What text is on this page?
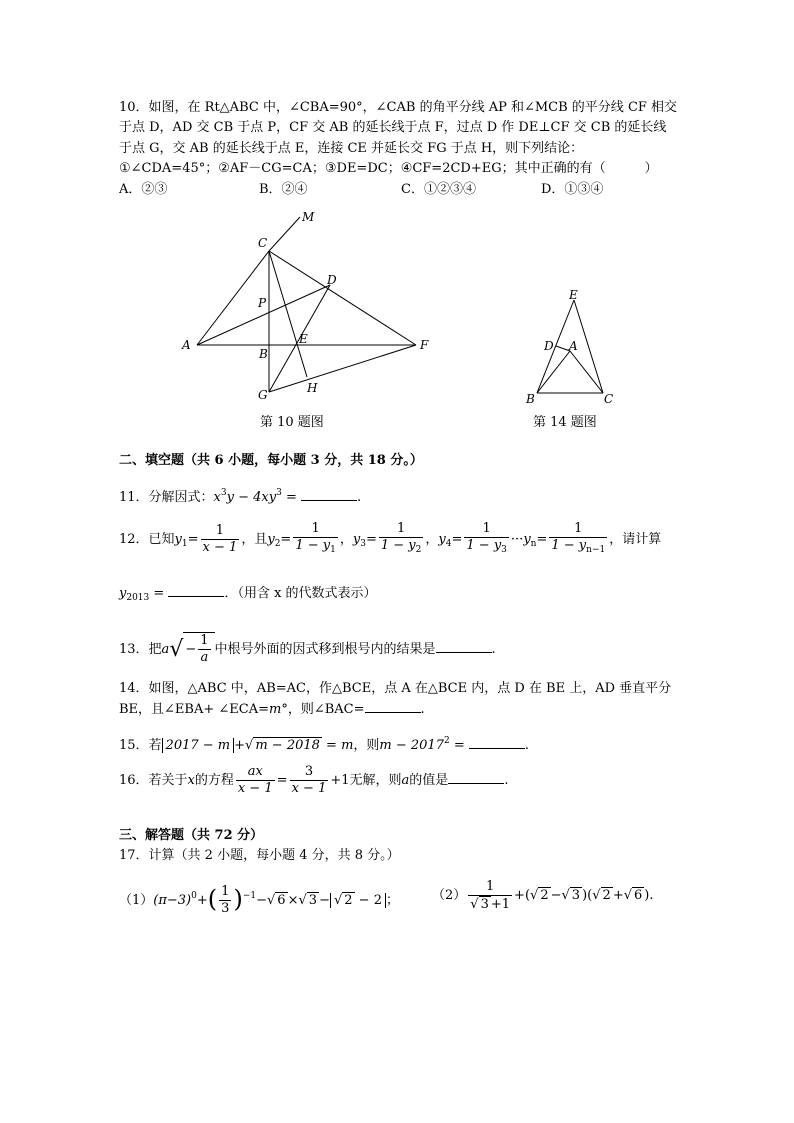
10．如图，在 Rt△ABC 中，∠CBA=90°，∠CAB 的角平分线 AP 和∠MCB 的平分线 CF 相交
于点 D，AD 交 CB 于点 P，CF 交 AB 的延长线于点 F，过点 D 作 DE⊥CF 交 CB 的延长线
于点 G，交 AB 的延长线于点 E，连接 CE 并延长交 FG 于点 H，则下列结论：
①∠CDA=45°；②AF－CG=CA；③DE=DC；④CF=2CD+EG；其中正确的有（　　　）
A．②③	B．②④	C．①②③④	D．①③④
M
C
D
P
A
B
E	F
G	H
第 10 题图
E
D A
B	C
第 14 题图
二、填空题（共 6 小题，每小题 3 分，共 18 分。）
11．分解因式：$x^3y - 4xy^3$ =	.
12．已知$y_1= \frac{1}{x - 1}$ ，且$y_2= \frac{1}{1 - y_1}$ ，$y_3= \frac{1}{1 - y_2}$ ，$y_4= \frac{1}{1 - y_3} \cdot\cdot\cdot y_n= \frac{1}{1 - y_{n-1}}$ ，请计算
$y_{2013}$ =	．（用含 x 的代数式表示）
13．把$a√ - \frac{1}{a}$ 中根号外面的因式移到根号内的结果是	.
14．如图，△ABC 中，AB=AC，作△BCE，点 A 在△BCE 内，点 D 在 BE 上，AD 垂直平分
BE，且∠EBA+ ∠ECA=m°，则∠BAC=	.
15．若 2017 − m +√ m − 2018 = m，则$m - 2017^2$ =	.
16．若关于x的方程 $\frac{ax}{x - 1} = \frac{3}{x - 1} +1$无解，则a的值是	.
三、解答题（共 72 分）
17．计算（共 2 小题，每小题 4 分，共 8 分。）
$(1)(\pi-3)^0+( \frac{1}{3} )^{-1}-√$ 6 ×√ 3 − √ 2 − 2 ；	$(2) \frac{1}{√ 3 +1}$ +(√ 2 −√ 3 )(√ 2 +√ 6 ).
